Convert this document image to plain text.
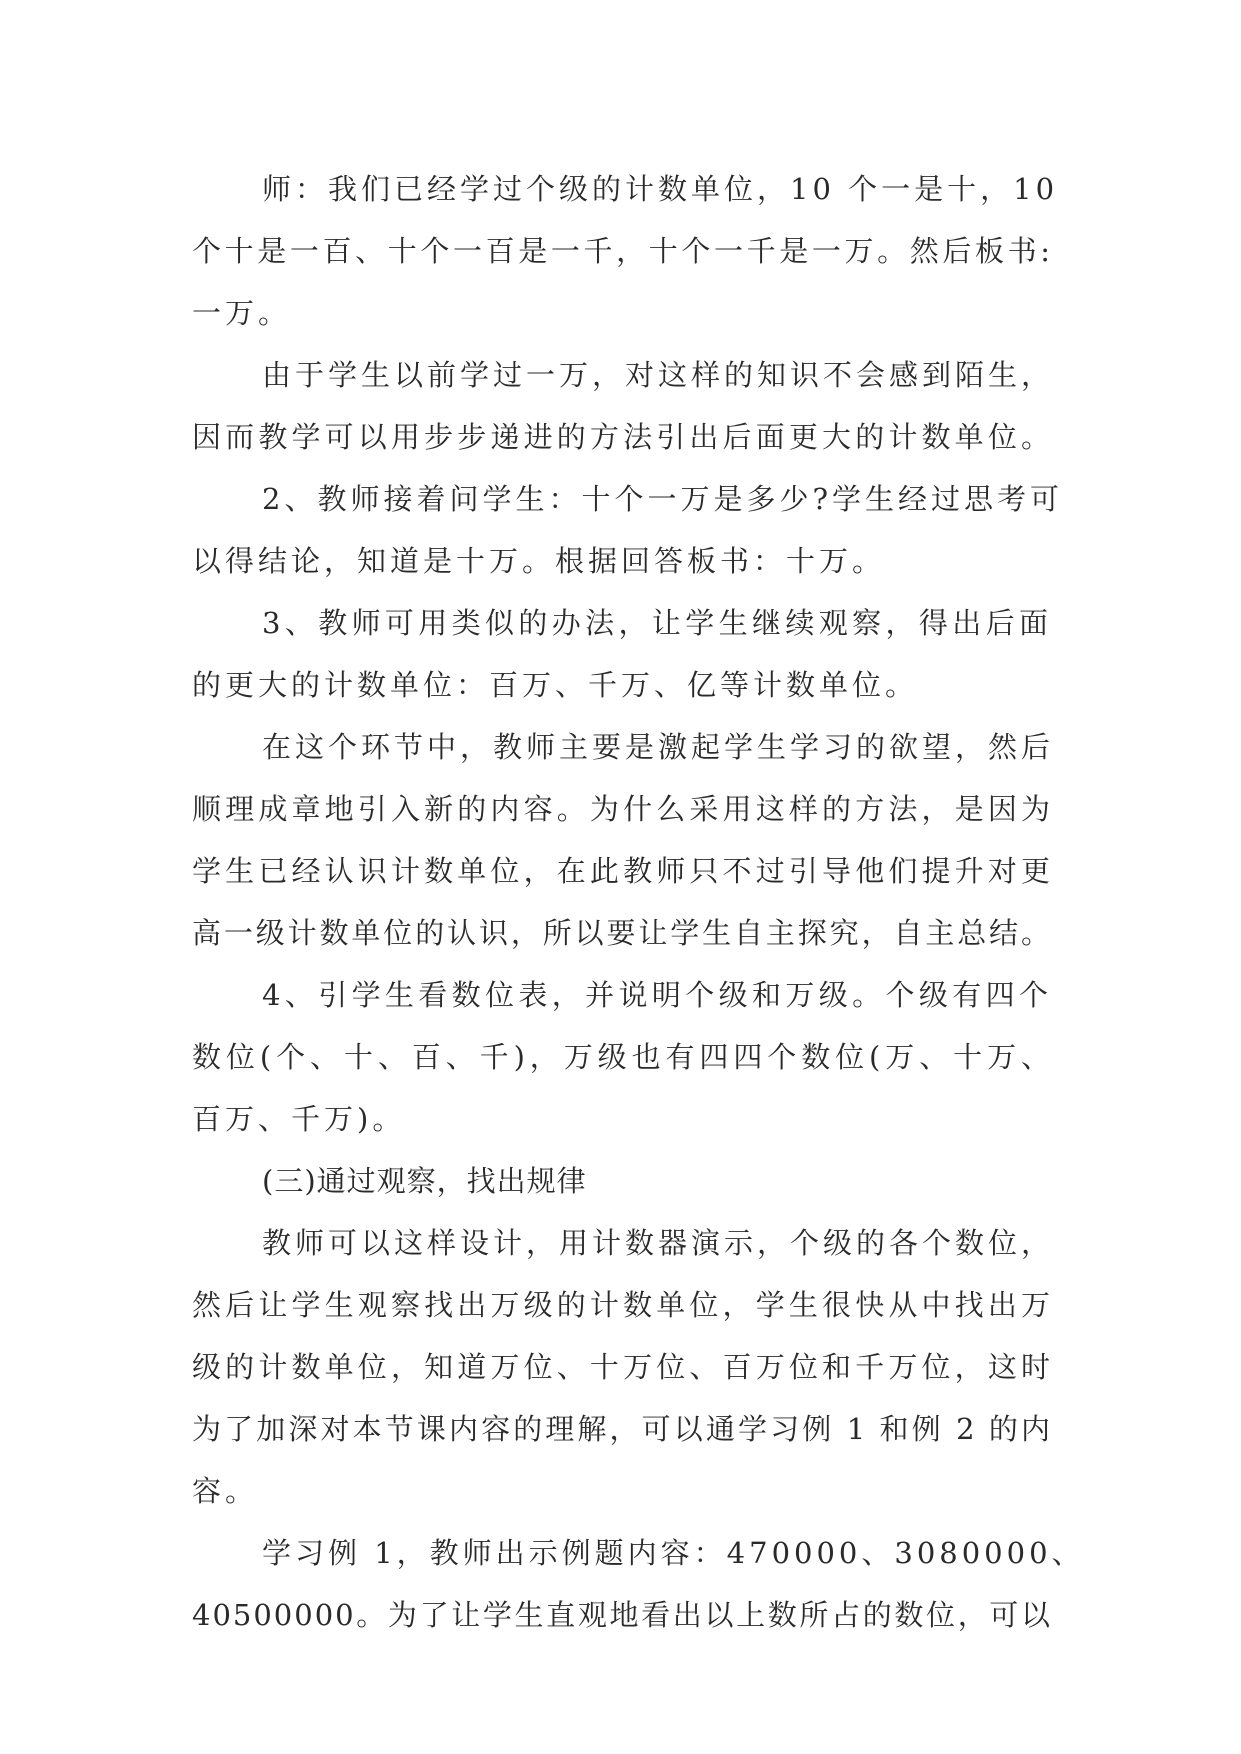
师：我们已经学过个级的计数单位，10 个一是十，10
个十是一百、十个一百是一千，十个一千是一万。然后板书:
一万。
由于学生以前学过一万，对这样的知识不会感到陌生，
因而教学可以用步步递进的方法引出后面更大的计数单位。
2、教师接着问学生：十个一万是多少?学生经过思考可
以得结论，知道是十万。根据回答板书：十万。
3、教师可用类似的办法，让学生继续观察，得出后面
的更大的计数单位：百万、千万、亿等计数单位。
在这个环节中，教师主要是激起学生学习的欲望，然后
顺理成章地引入新的内容。为什么采用这样的方法，是因为
学生已经认识计数单位，在此教师只不过引导他们提升对更
高一级计数单位的认识，所以要让学生自主探究，自主总结。
4、引学生看数位表，并说明个级和万级。个级有四个
数位(个、十、百、千)，万级也有四四个数位(万、十万、
百万、千万)。
(三)通过观察，找出规律
教师可以这样设计，用计数器演示，个级的各个数位，
然后让学生观察找出万级的计数单位，学生很快从中找出万
级的计数单位，知道万位、十万位、百万位和千万位，这时
为了加深对本节课内容的理解，可以通学习例 1 和例 2 的内
容。
学习例 1，教师出示例题内容：470000、3080000、
40500000。为了让学生直观地看出以上数所占的数位，可以
